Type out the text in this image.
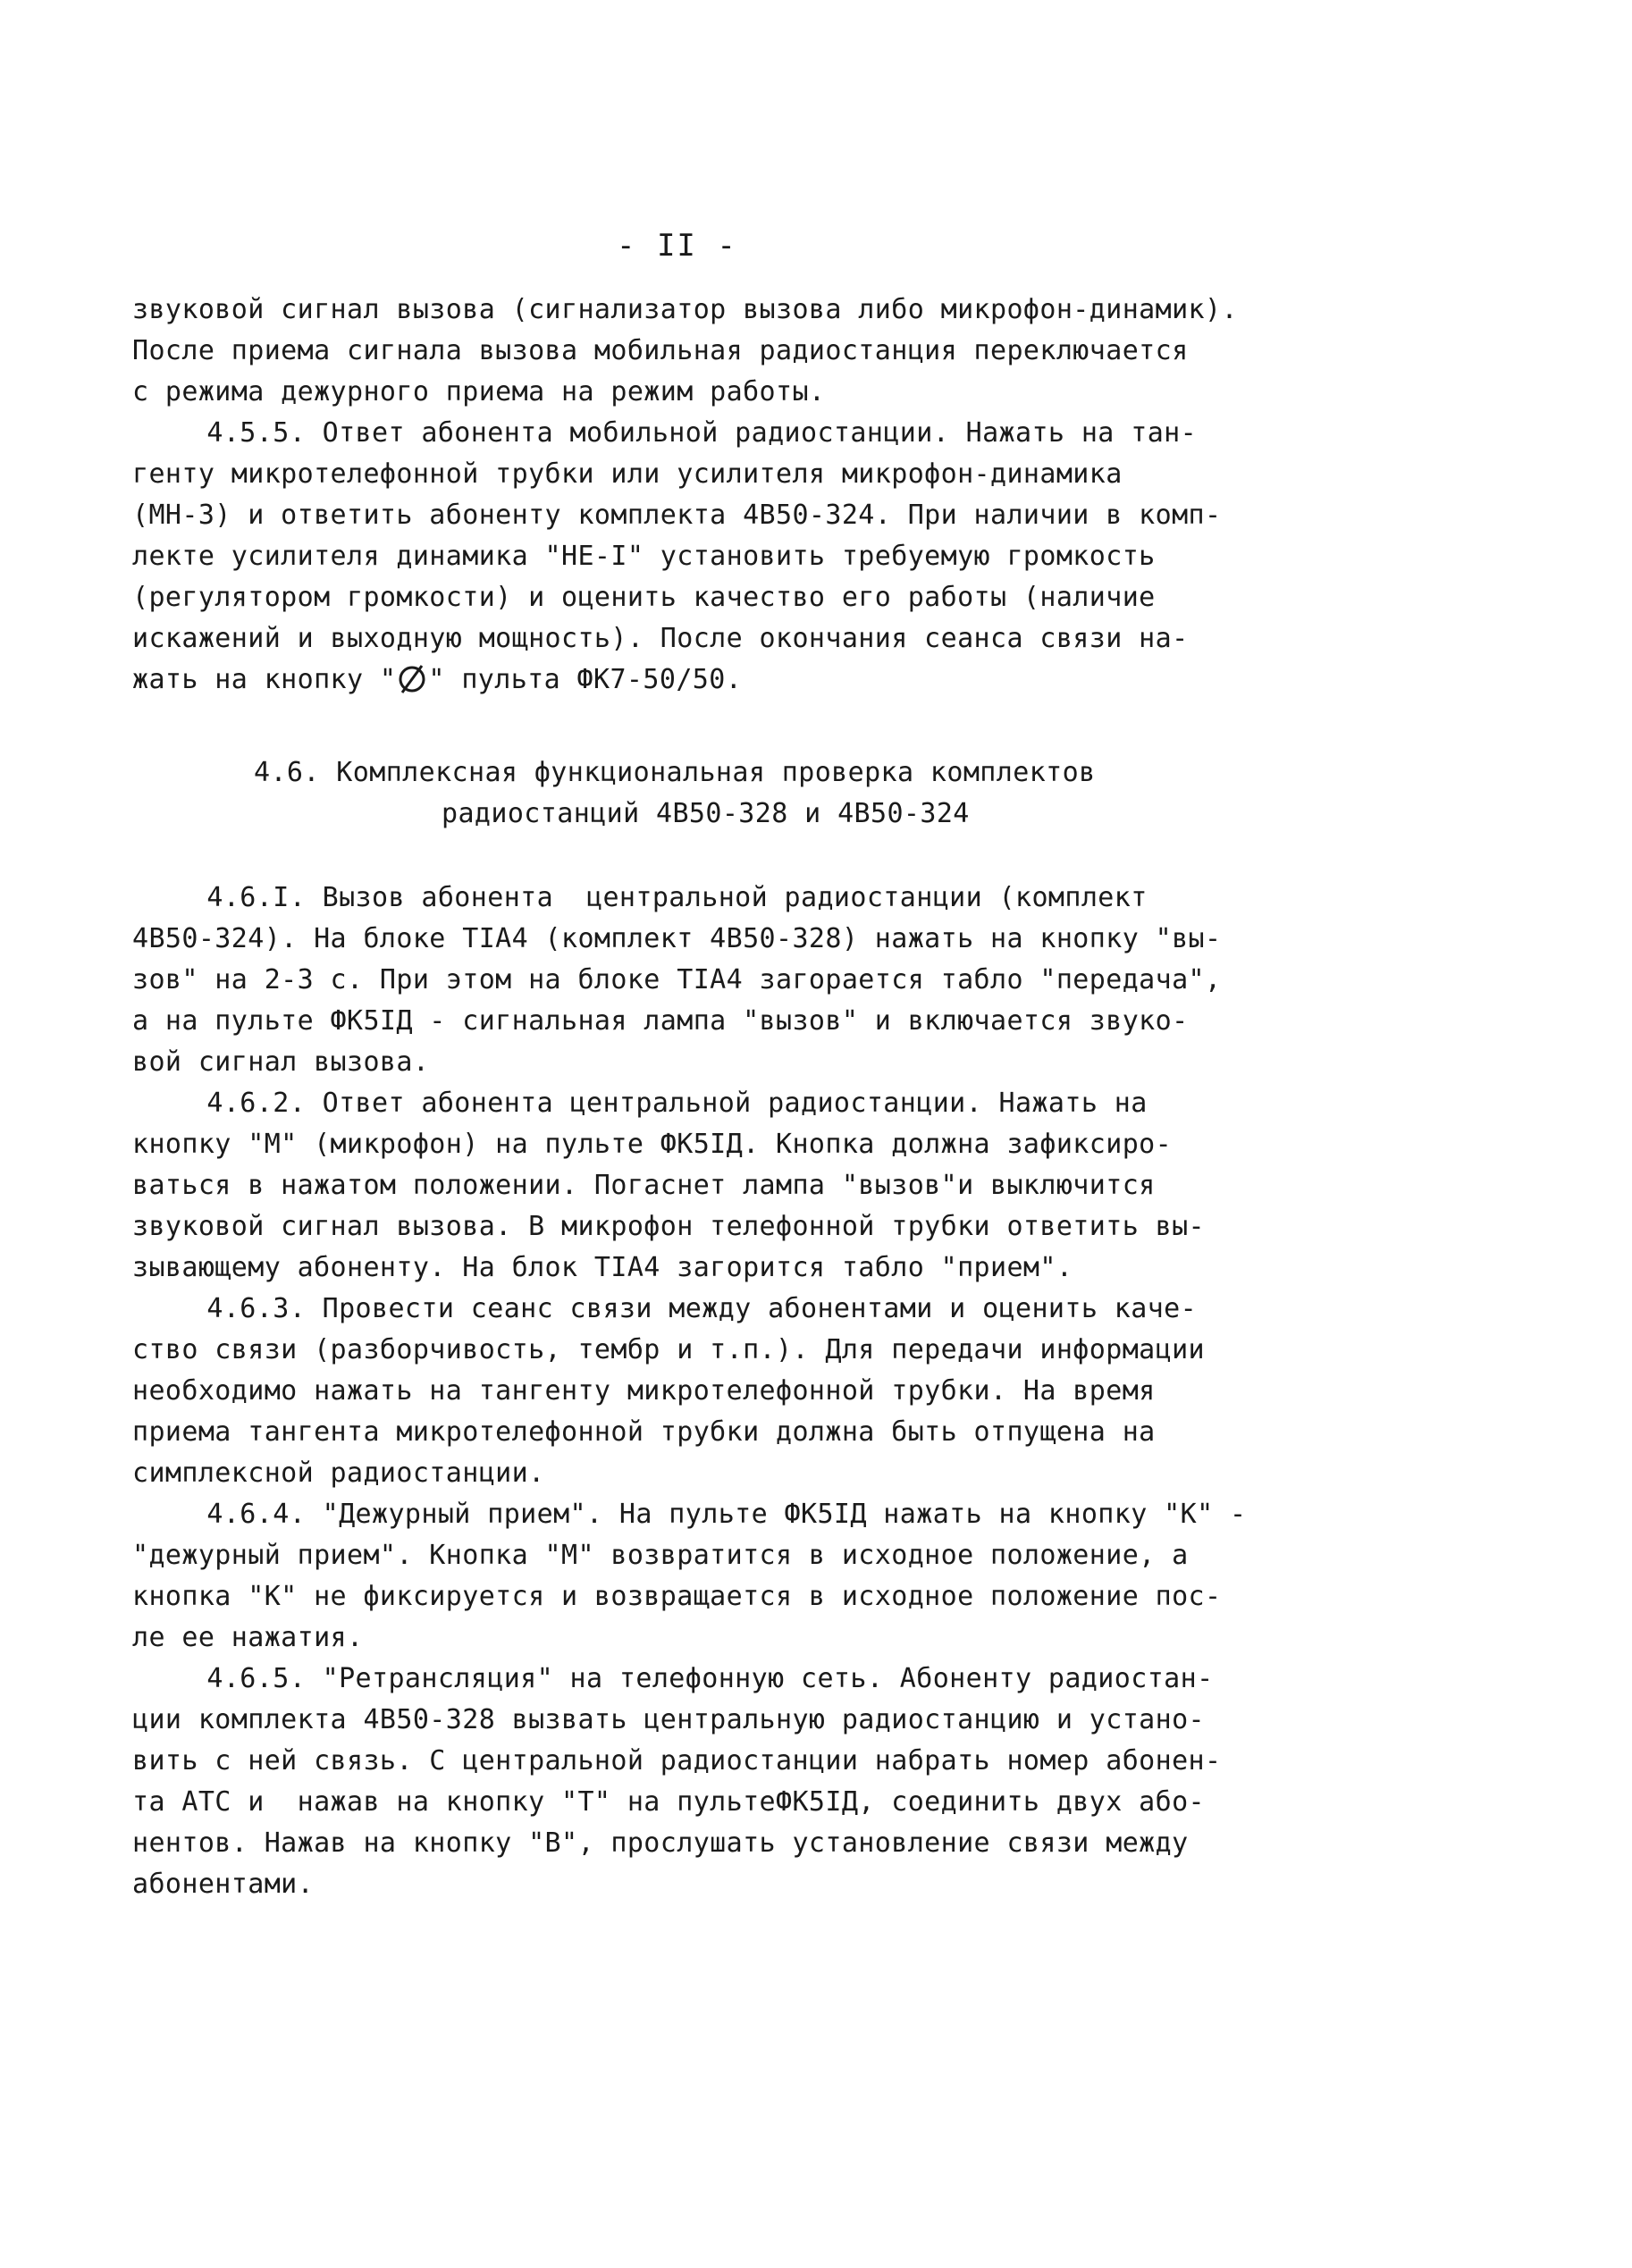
- II -
звуковой сигнал вызова (сигнализатор вызова либо микрофон-динамик).
После приема сигнала вызова мобильная радиостанция переключается
с режима дежурного приема на режим работы.
4.5.5. Ответ абонента мобильной радиостанции. Нажать на тан-
генту микротелефонной трубки или усилителя микрофон-динамика
(МН-3) и ответить абоненту комплекта 4В50-324. При наличии в комп-
лекте усилителя динамика "НЕ-I" установить требуемую громкость
(регулятором громкости) и оценить качество его работы (наличие
искажений и выходную мощность). После окончания сеанса связи на-
жать на кнопку " " пульта ФК7-50/50.
4.6. Комплексная функциональная проверка комплектов
радиостанций 4В50-328 и 4В50-324
4.6.I. Вызов абонента  центральной радиостанции (комплект
4В50-324). На блоке ТIА4 (комплект 4В50-328) нажать на кнопку "вы-
зов" на 2-3 с. При этом на блоке ТIА4 загорается табло "передача",
а на пульте ФК5IД - сигнальная лампа "вызов" и включается звуко-
вой сигнал вызова.
4.6.2. Ответ абонента центральной радиостанции. Нажать на
кнопку "М" (микрофон) на пульте ФК5IД. Кнопка должна зафиксиро-
ваться в нажатом положении. Погаснет лампа "вызов"и выключится
звуковой сигнал вызова. В микрофон телефонной трубки ответить вы-
зывающему абоненту. На блок ТIА4 загорится табло "прием".
4.6.3. Провести сеанс связи между абонентами и оценить каче-
ство связи (разборчивость, тембр и т.п.). Для передачи информации
необходимо нажать на тангенту микротелефонной трубки. На время
приема тангента микротелефонной трубки должна быть отпущена на
симплексной радиостанции.
4.6.4. "Дежурный прием". На пульте ФК5IД нажать на кнопку "К" -
"дежурный прием". Кнопка "М" возвратится в исходное положение, а
кнопка "К" не фиксируется и возвращается в исходное положение пос-
ле ее нажатия.
4.6.5. "Ретрансляция" на телефонную сеть. Абоненту радиостан-
ции комплекта 4В50-328 вызвать центральную радиостанцию и устано-
вить с ней связь. С центральной радиостанции набрать номер абонен-
та АТС и  нажав на кнопку "Т" на пультеФК5IД, соединить двух або-
нентов. Нажав на кнопку "В", прослушать установление связи между
абонентами.
